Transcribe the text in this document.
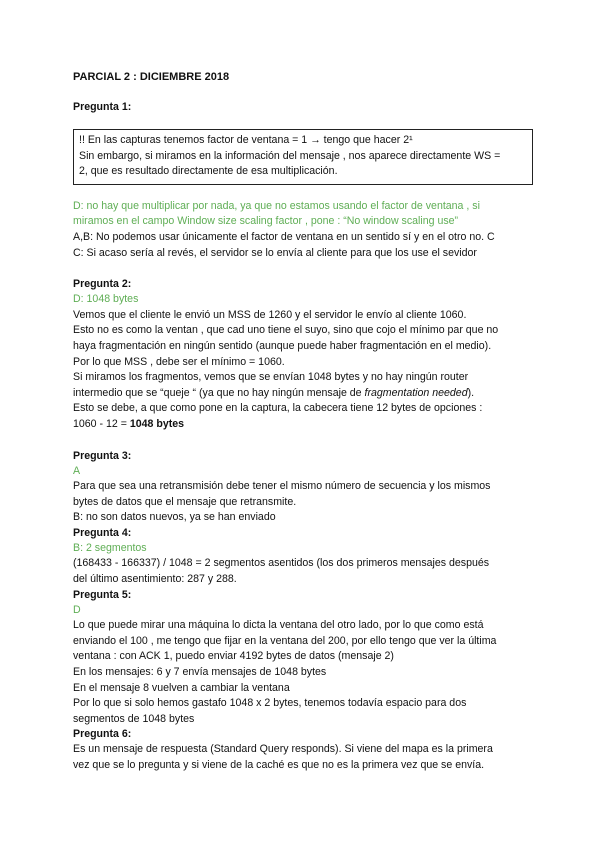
PARCIAL 2 : DICIEMBRE 2018
Pregunta 1:
!! En las capturas tenemos factor de ventana = 1 → tengo que hacer 2¹
Sin embargo, si miramos en la información del mensaje , nos aparece directamente WS =
2, que es resultado directamente de esa multiplicación.
D: no hay que multiplicar por nada, ya que no estamos usando el factor de ventana , si
miramos en el campo Window size scaling factor , pone : “No window scaling use”
A,B: No podemos usar únicamente el factor de ventana en un sentido sí y en el otro no. C
C: Si acaso sería al revés, el servidor se lo envía al cliente para que los use el sevidor
Pregunta 2:
D: 1048 bytes
Vemos que el cliente le envió un MSS de 1260 y el servidor le envío al cliente 1060.
Esto no es como la ventan , que cad uno tiene el suyo, sino que cojo el mínimo par que no
haya fragmentación en ningún sentido (aunque puede haber fragmentación en el medio).
Por lo que MSS , debe ser el mínimo = 1060.
Si miramos los fragmentos, vemos que se envían 1048 bytes y no hay ningún router
intermedio que se “queje “ (ya que no hay ningún mensaje de fragmentation needed).
Esto se debe, a que como pone en la captura, la cabecera tiene 12 bytes de opciones :
1060 - 12 = 1048 bytes
Pregunta 3:
A
Para que sea una retransmisión debe tener el mismo número de secuencia y los mismos
bytes de datos que el mensaje que retransmite.
B: no son datos nuevos, ya se han enviado
Pregunta 4:
B: 2 segmentos
(168433 - 166337) / 1048 = 2 segmentos asentidos (los dos primeros mensajes después
del último asentimiento: 287 y 288.
Pregunta 5:
D
Lo que puede mirar una máquina lo dicta la ventana del otro lado, por lo que como está
enviando el 100 , me tengo que fijar en la ventana del 200, por ello tengo que ver la última
ventana : con ACK 1, puedo enviar 4192 bytes de datos (mensaje 2)
En los mensajes: 6 y 7 envía mensajes de 1048 bytes
En el mensaje 8 vuelven a cambiar la ventana
Por lo que si solo hemos gastafo 1048 x 2 bytes, tenemos todavía espacio para dos
segmentos de 1048 bytes
Pregunta 6:
Es un mensaje de respuesta (Standard Query responds). Si viene del mapa es la primera
vez que se lo pregunta y si viene de la caché es que no es la primera vez que se envía.
